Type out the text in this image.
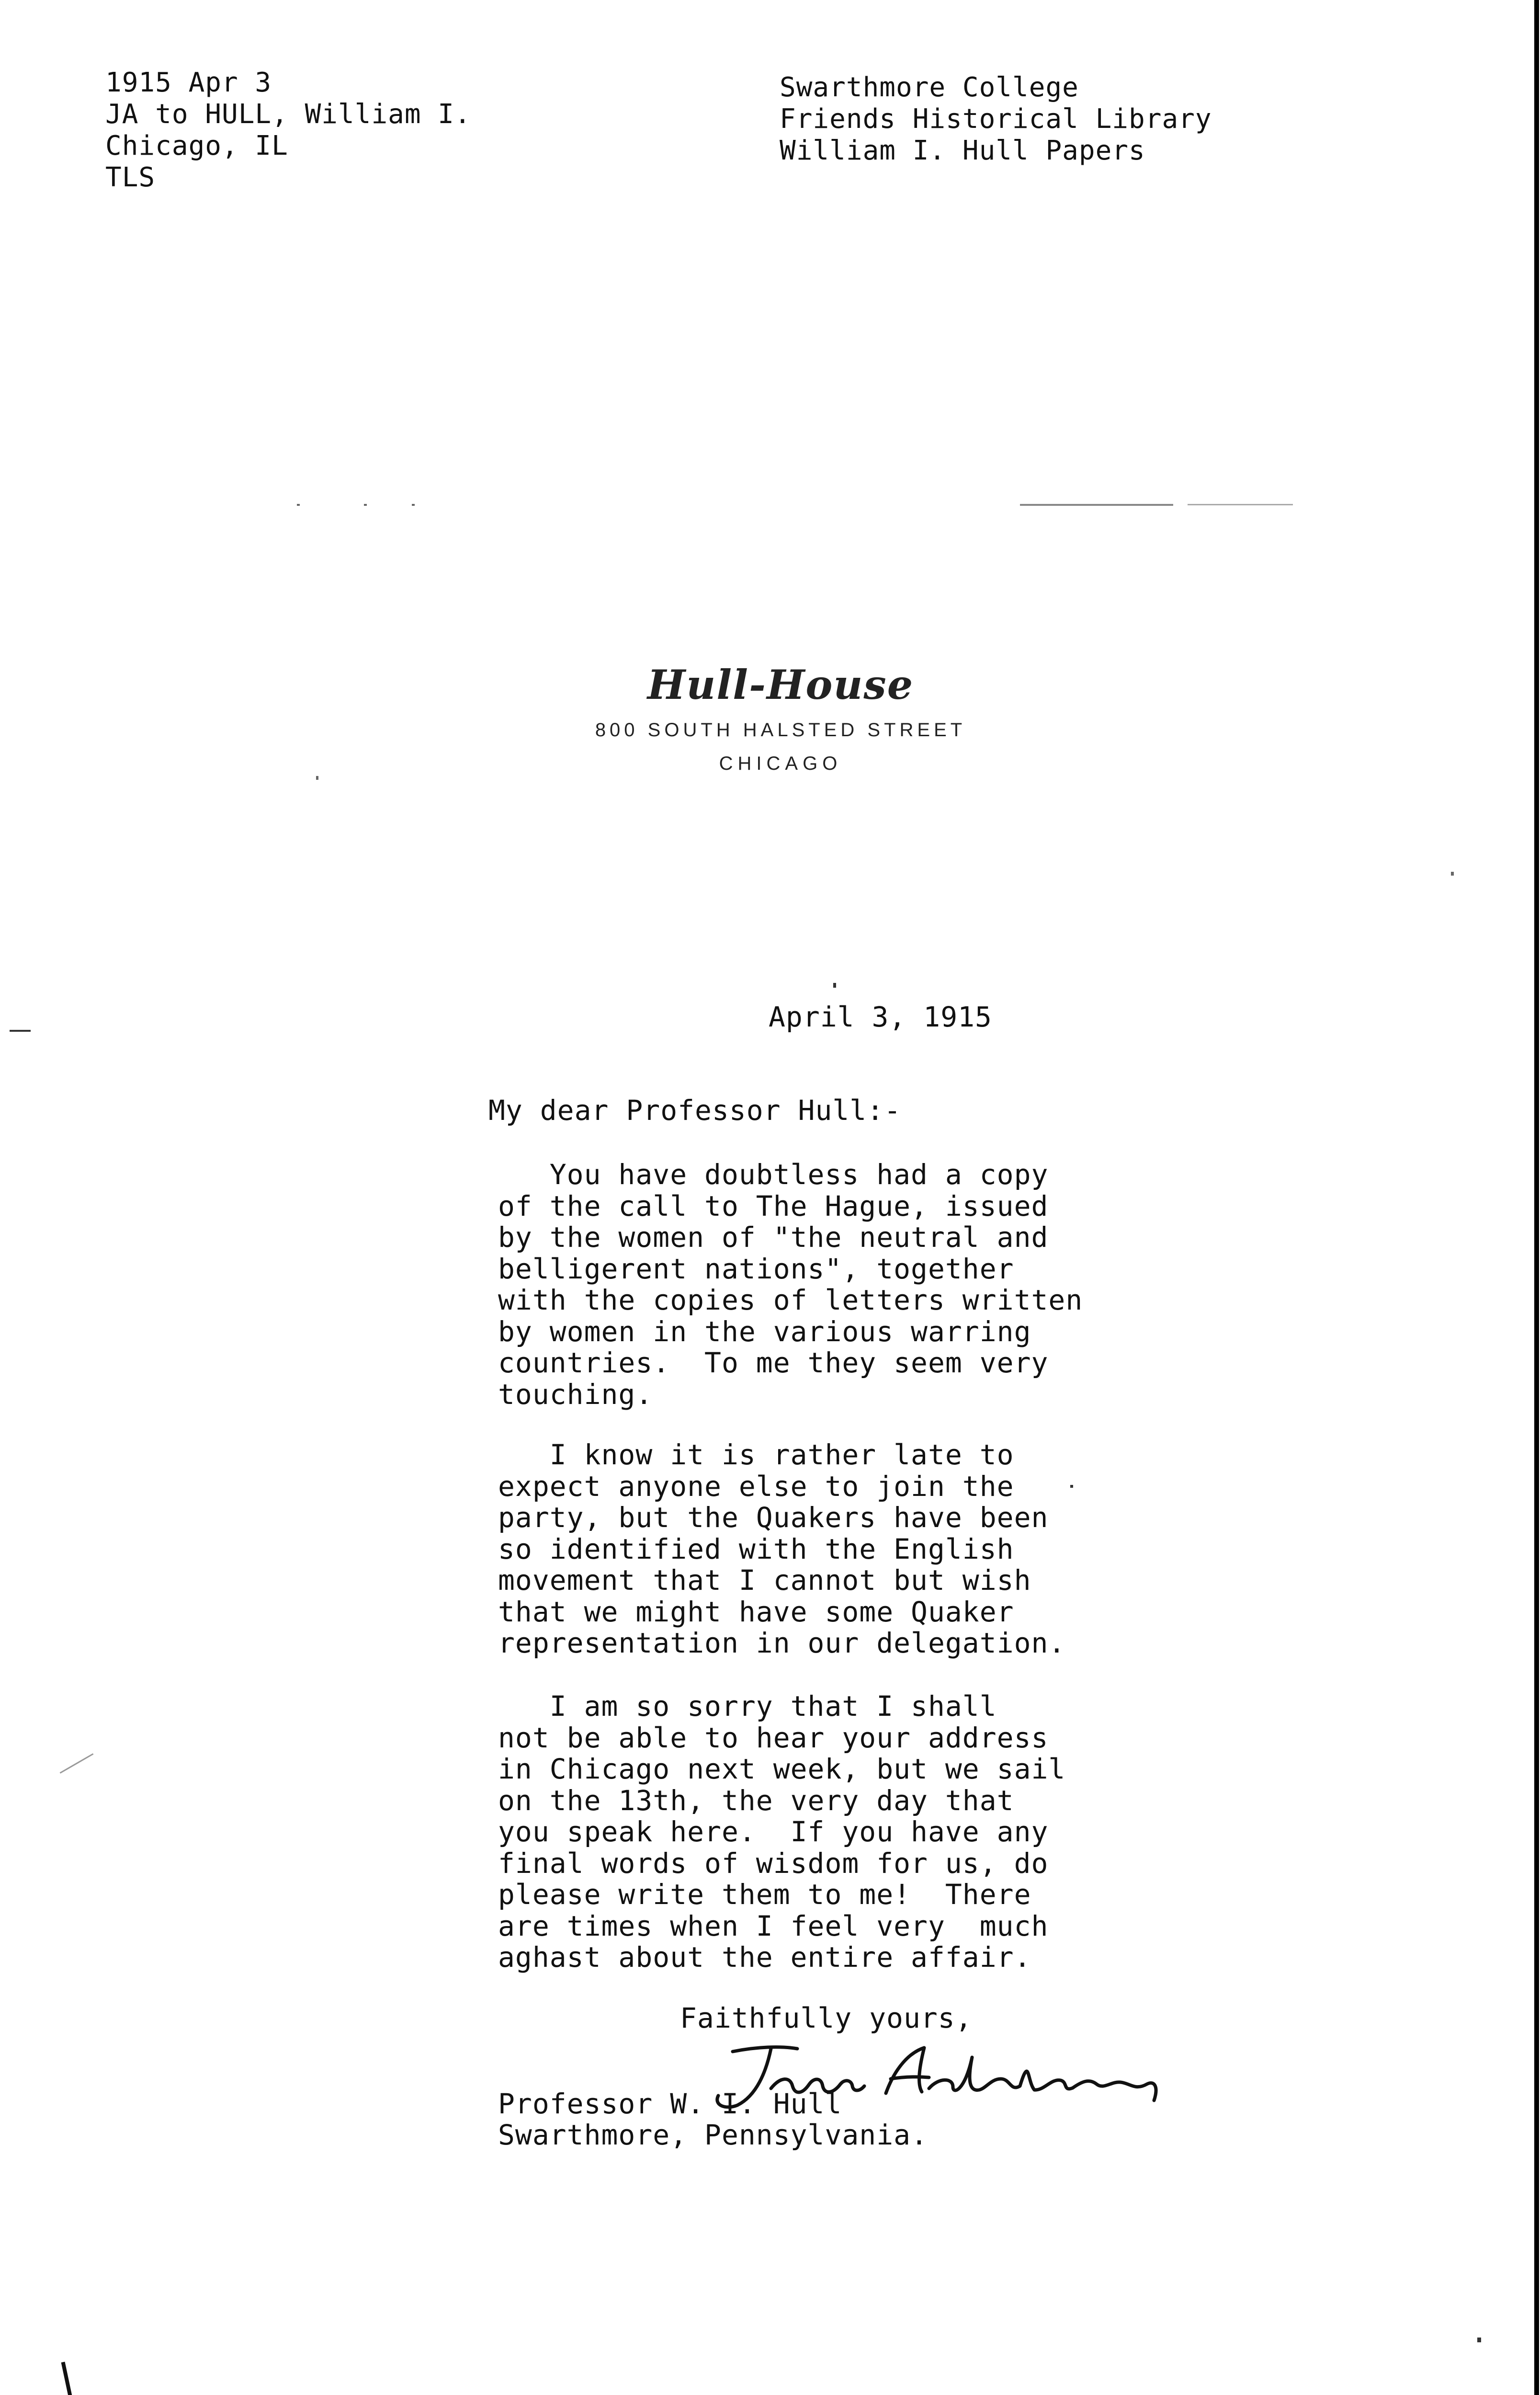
1915 Apr 3
JA to HULL, William I.
Chicago, IL
TLS
Swarthmore College
Friends Historical Library
William I. Hull Papers
Hull-House
800 SOUTH HALSTED STREET
CHICAGO
April 3, 1915
My dear Professor Hull:-
You have doubtless had a copy
of the call to The Hague, issued
by the women of "the neutral and
belligerent nations", together
with the copies of letters written
by women in the various warring
countries.  To me they seem very
touching.
I know it is rather late to
expect anyone else to join the
party, but the Quakers have been
so identified with the English
movement that I cannot but wish
that we might have some Quaker
representation in our delegation.
I am so sorry that I shall
not be able to hear your address
in Chicago next week, but we sail
on the 13th, the very day that
you speak here.  If you have any
final words of wisdom for us, do
please write them to me!  There
are times when I feel very  much
aghast about the entire affair.
Faithfully yours,
Professor W. I. Hull
Swarthmore, Pennsylvania.
